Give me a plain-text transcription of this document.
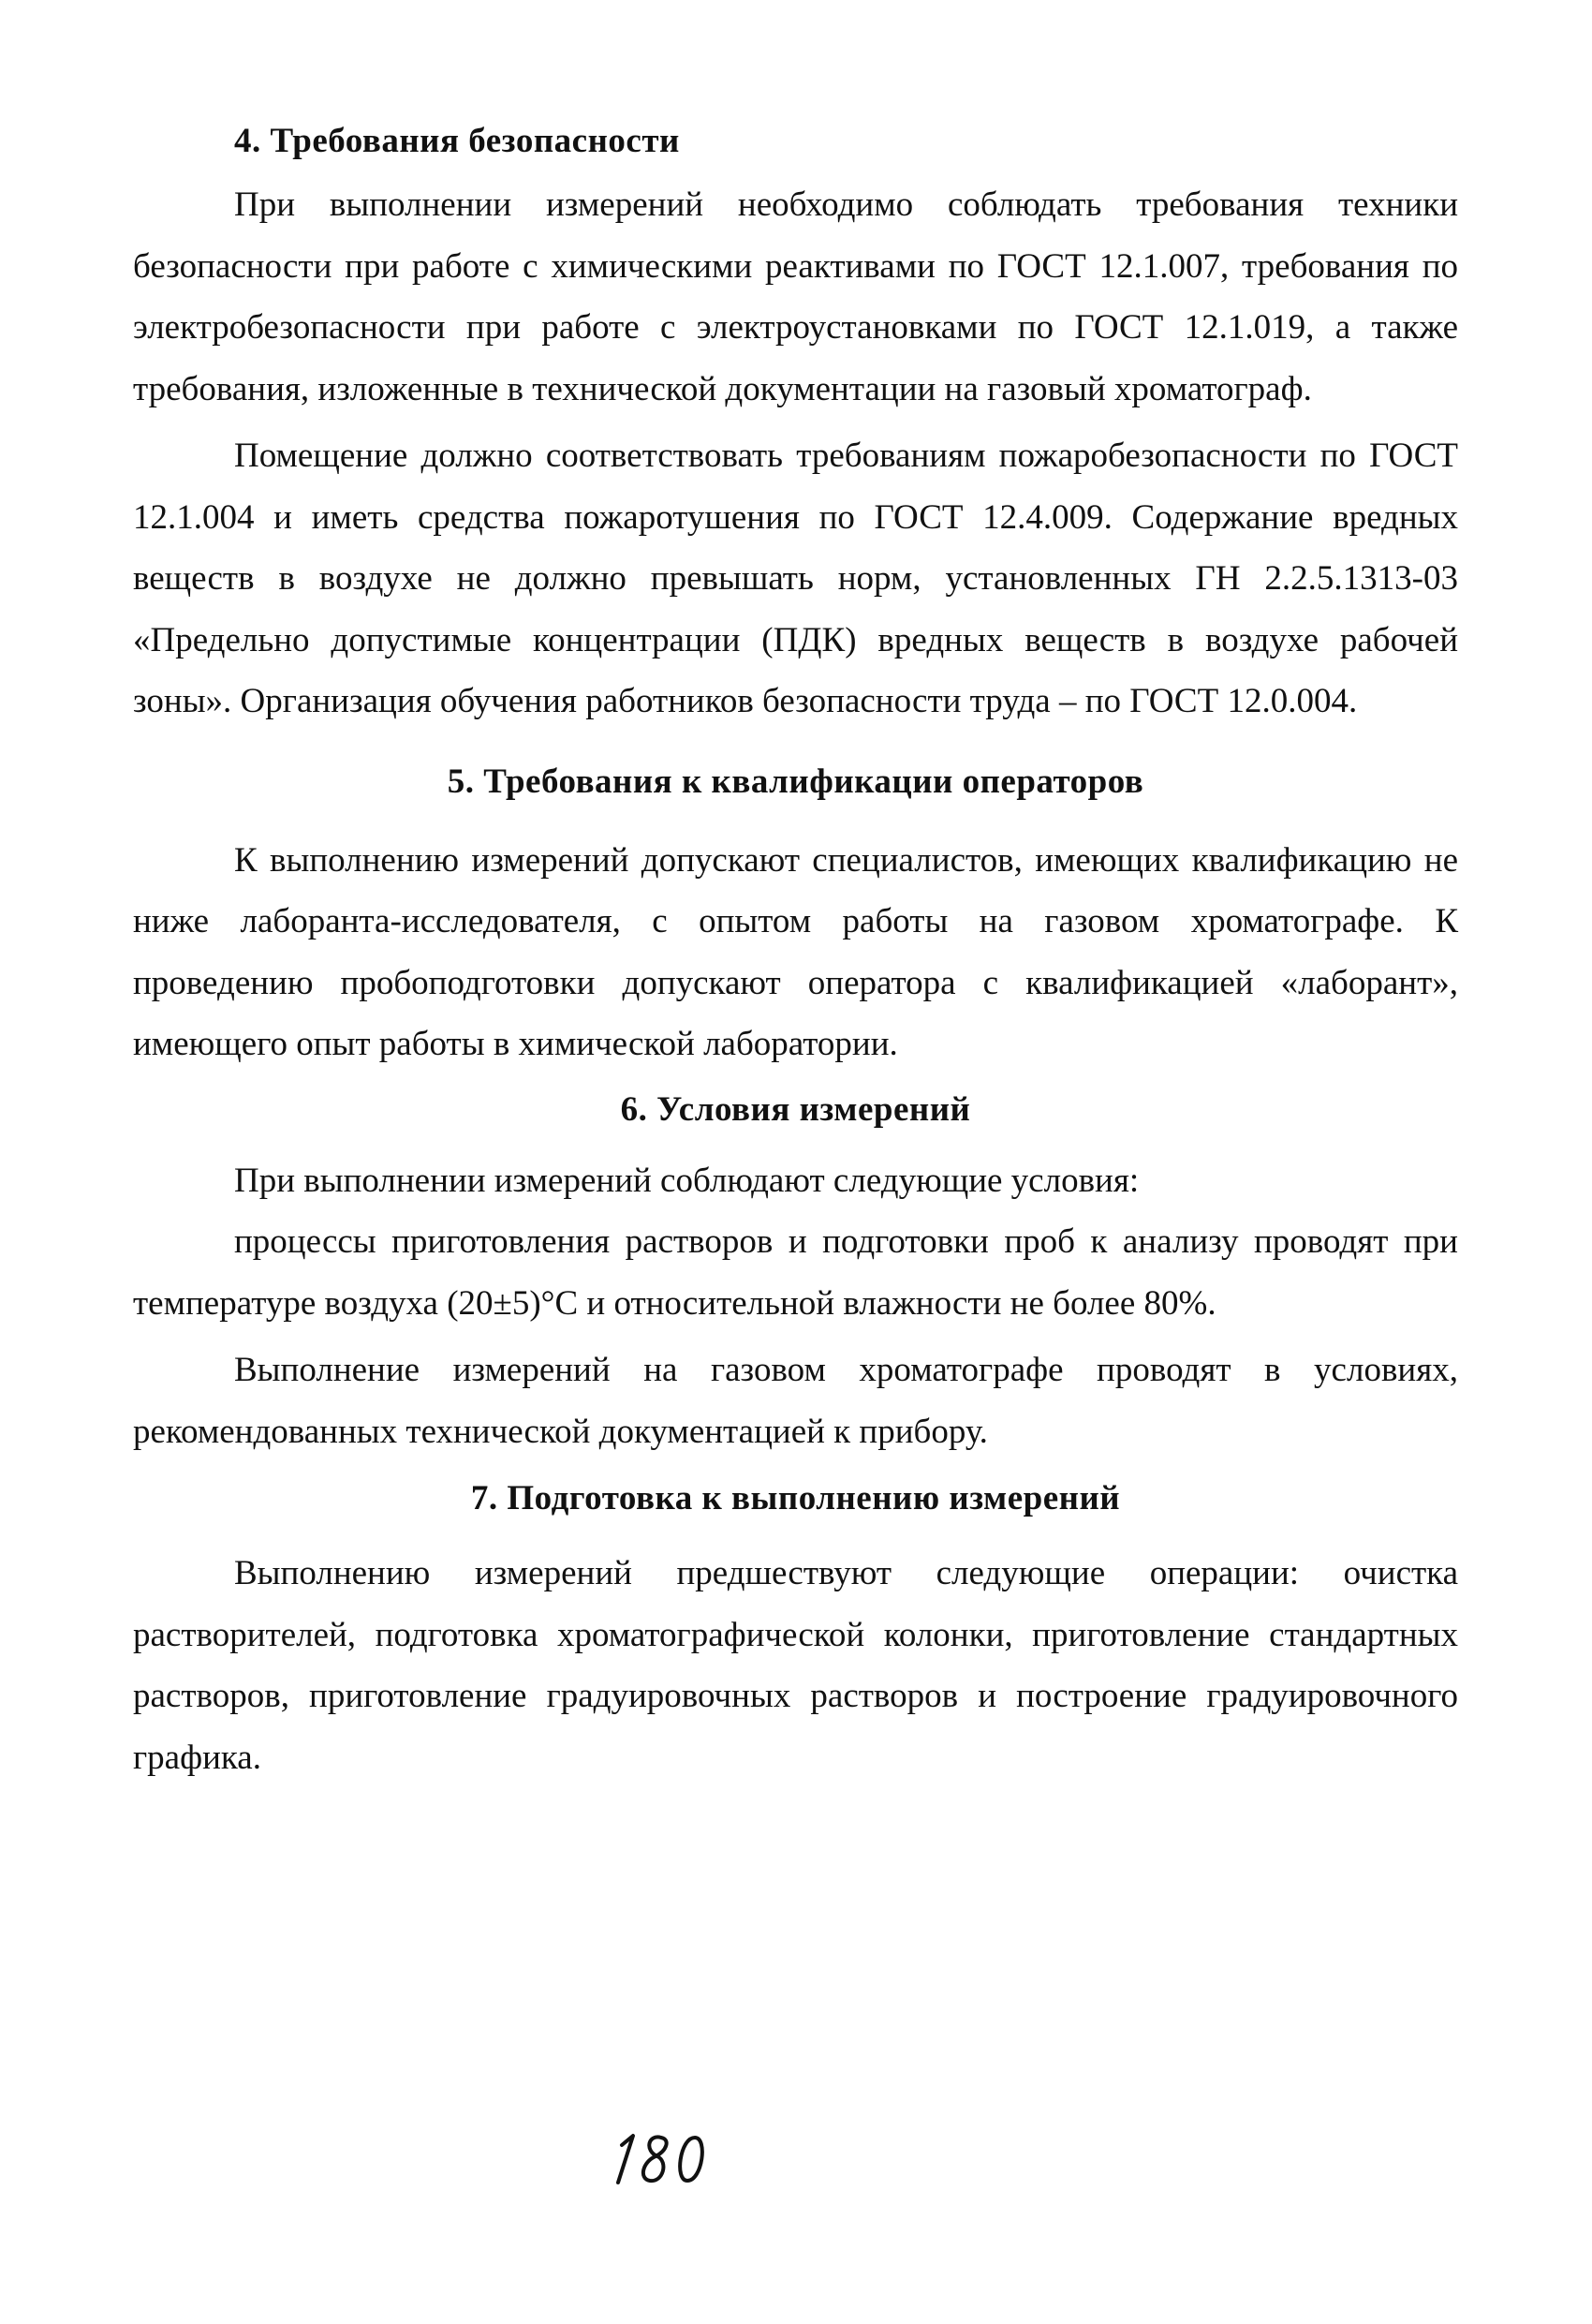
4. Требования безопасности

При выполнении измерений необходимо соблюдать требования техники безопасности при работе с химическими реактивами по ГОСТ 12.1.007, требования по электробезопасности при работе с электроустановками по ГОСТ 12.1.019, а также требования, изложенные в технической документации на газовый хроматограф.

Помещение должно соответствовать требованиям пожаробезопасности по ГОСТ 12.1.004 и иметь средства пожаротушения по ГОСТ 12.4.009. Содержание вредных веществ в воздухе не должно превышать норм, установленных ГН 2.2.5.1313-03 «Предельно допустимые концентрации (ПДК) вредных веществ в воздухе рабочей зоны». Организация обучения работников безопасности труда – по ГОСТ 12.0.004.

5. Требования к квалификации операторов

К выполнению измерений допускают специалистов, имеющих квалификацию не ниже лаборанта-исследователя, с опытом работы на газовом хроматографе. К проведению пробоподготовки допускают оператора с квалификацией «лаборант», имеющего опыт работы в химической лаборатории.

6. Условия измерений

При выполнении измерений соблюдают следующие условия:

процессы приготовления растворов и подготовки проб к анализу проводят при температуре воздуха (20±5)°С и относительной влажности не более 80%.

Выполнение измерений на газовом хроматографе проводят в условиях, рекомендованных технической документацией к прибору.

7. Подготовка к выполнению измерений

Выполнению измерений предшествуют следующие операции: очистка растворителей, подготовка хроматографической колонки, приготовление стандартных растворов, приготовление градуировочных растворов и построение градуировочного графика.
